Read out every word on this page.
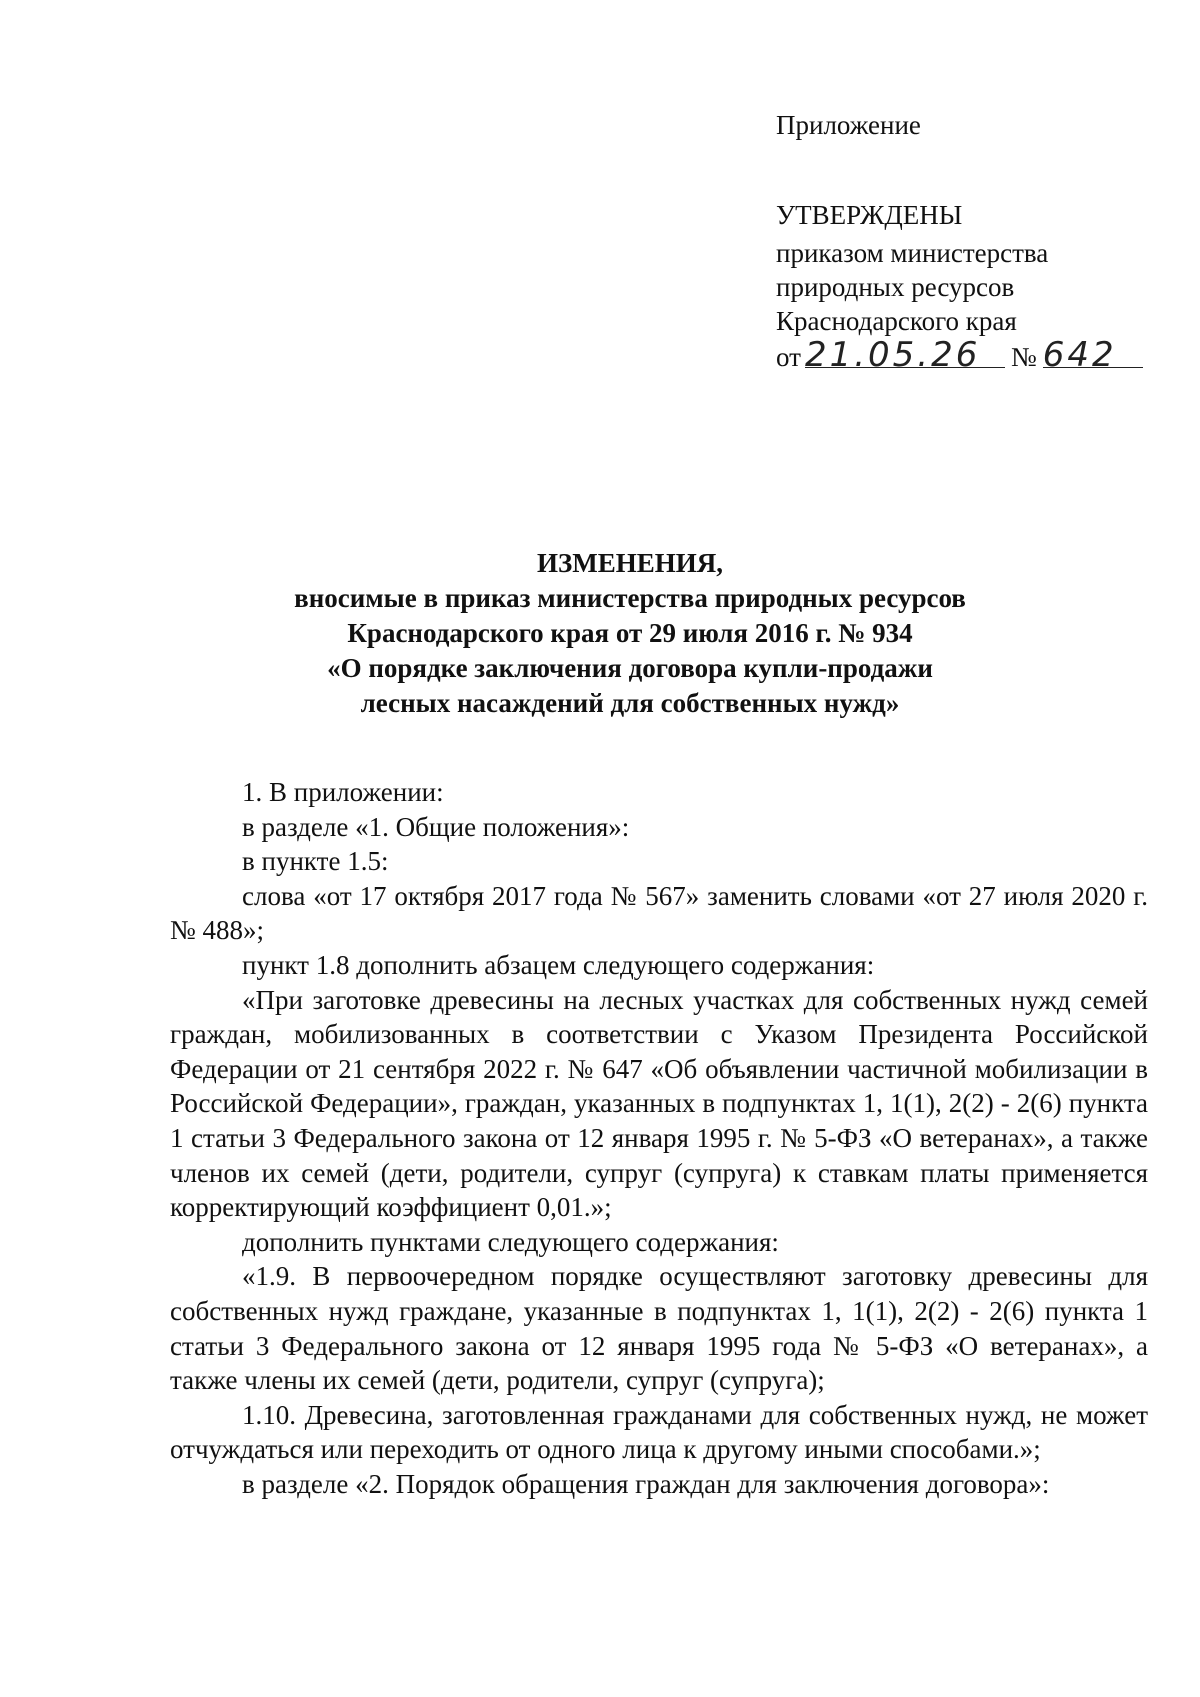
Приложение

УТВЕРЖДЕНЫ

приказом министерства

природных ресурсов

Краснодарского края

от 21.05.26 № 642

ИЗМЕНЕНИЯ,

вносимые в приказ министерства природных ресурсов

Краснодарского края от 29 июля 2016 г. № 934

«О порядке заключения договора купли-продажи

лесных насаждений для собственных нужд»

1. В приложении:

в разделе «1. Общие положения»:

в пункте 1.5:

слова «от 17 октября 2017 года № 567» заменить словами «от 27 июля 2020 г. № 488»;

пункт 1.8 дополнить абзацем следующего содержания:

«При заготовке древесины на лесных участках для собственных нужд семей граждан, мобилизованных в соответствии с Указом Президента Российской Федерации от 21 сентября 2022 г. № 647 «Об объявлении частичной мобилизации в Российской Федерации», граждан, указанных в подпунктах 1, 1(1), 2(2) - 2(6) пункта 1 статьи 3 Федерального закона от 12 января 1995 г. № 5-ФЗ «О ветеранах», а также членов их семей (дети, родители, супруг (супруга) к ставкам платы применяется корректирующий коэффициент 0,01.»;

дополнить пунктами следующего содержания:

«1.9. В первоочередном порядке осуществляют заготовку древесины для собственных нужд граждане, указанные в подпунктах 1, 1(1), 2(2) - 2(6) пункта 1 статьи 3 Федерального закона от 12 января 1995 года № 5-ФЗ «О ветеранах», а также члены их семей (дети, родители, супруг (супруга);

1.10. Древесина, заготовленная гражданами для собственных нужд, не может отчуждаться или переходить от одного лица к другому иными способами.»;

в разделе «2. Порядок обращения граждан для заключения договора»:
